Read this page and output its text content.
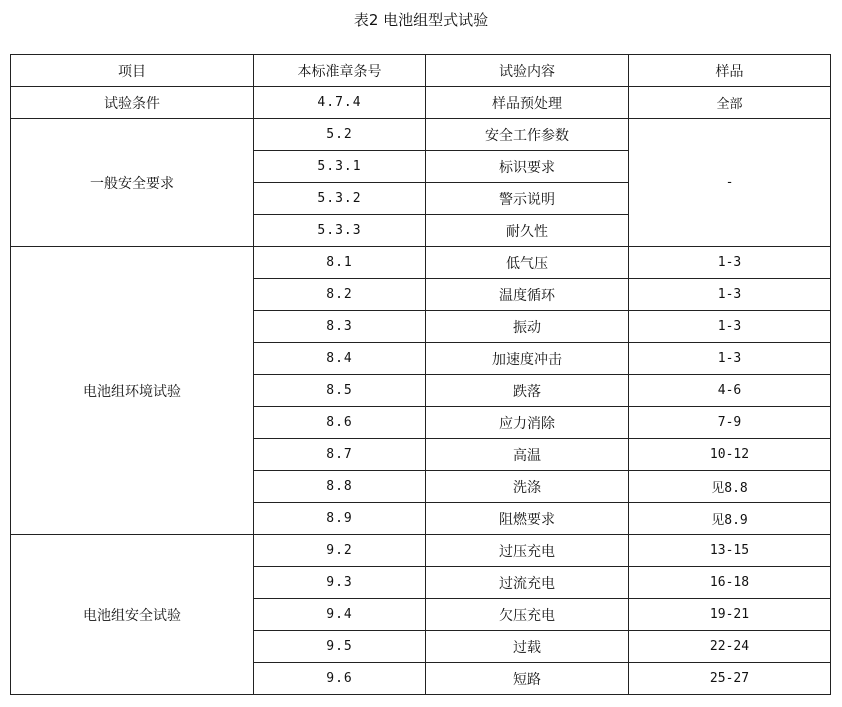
表2 电池组型式试验
项目	本标准章条号	试验内容	样品
试验条件	4.7.4	样品预处理	全部
一般安全要求	5.2	安全工作参数	-
	5.3.1	标识要求	
	5.3.2	警示说明	
	5.3.3	耐久性	
电池组环境试验	8.1	低气压	1-3
	8.2	温度循环	1-3
	8.3	振动	1-3
	8.4	加速度冲击	1-3
	8.5	跌落	4-6
	8.6	应力消除	7-9
	8.7	高温	10-12
	8.8	洗涤	见8.8
	8.9	阻燃要求	见8.9
电池组安全试验	9.2	过压充电	13-15
	9.3	过流充电	16-18
	9.4	欠压充电	19-21
	9.5	过载	22-24
	9.6	短路	25-27
